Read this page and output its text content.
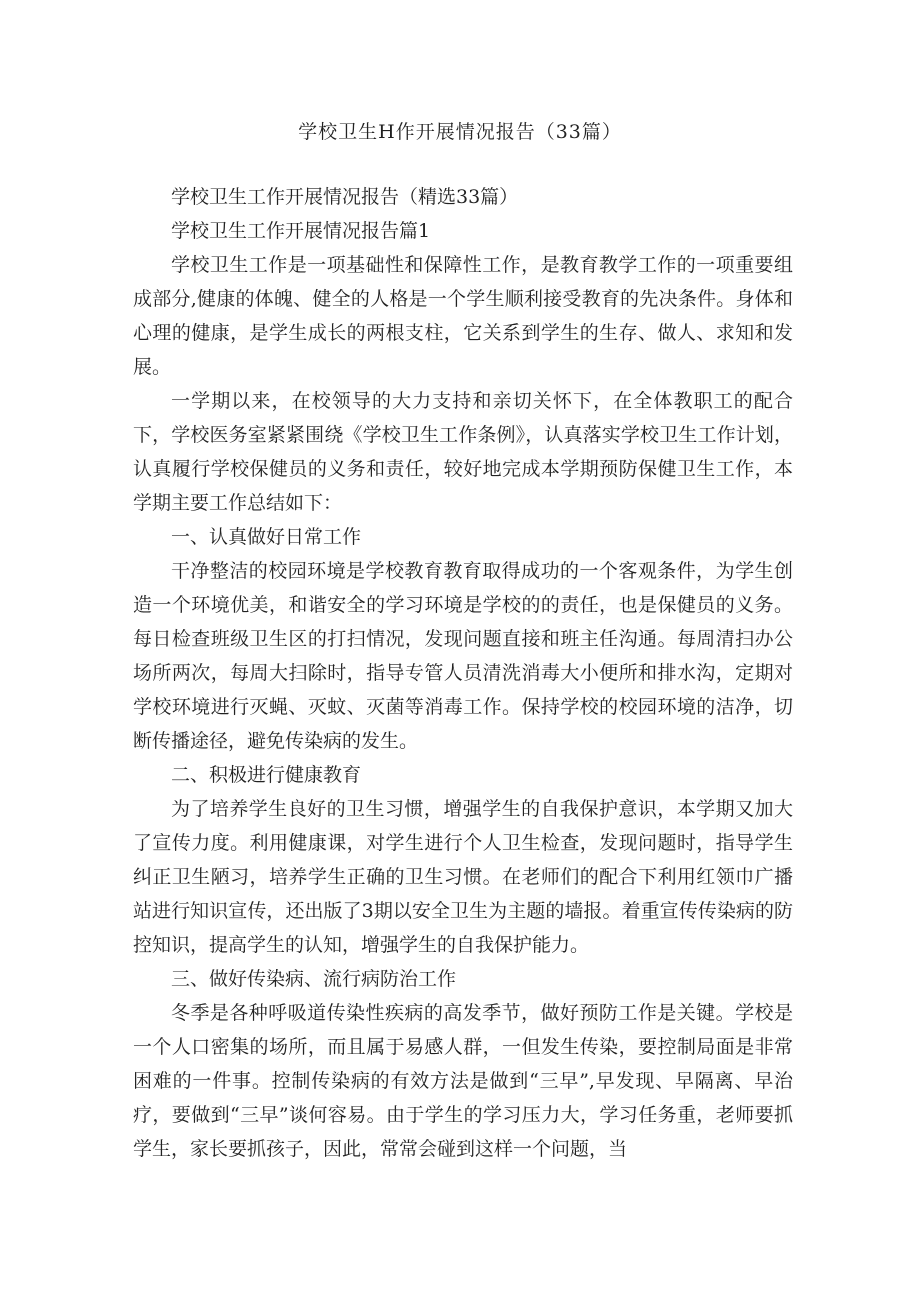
学校卫生H作开展情况报告（33篇）

学校卫生工作开展情况报告（精选33篇）

学校卫生工作开展情况报告篇1

学校卫生工作是一项基础性和保障性工作，是教育教学工作的一项重要组成部分,健康的体魄、健全的人格是一个学生顺利接受教育的先决条件。身体和心理的健康，是学生成长的两根支柱，它关系到学生的生存、做人、求知和发展。

一学期以来，在校领导的大力支持和亲切关怀下，在全体教职工的配合下，学校医务室紧紧围绕《学校卫生工作条例》，认真落实学校卫生工作计划，认真履行学校保健员的义务和责任，较好地完成本学期预防保健卫生工作，本学期主要工作总结如下：

一、认真做好日常工作

干净整洁的校园环境是学校教育教育取得成功的一个客观条件，为学生创造一个环境优美，和谐安全的学习环境是学校的的责任，也是保健员的义务。每日检查班级卫生区的打扫情况，发现问题直接和班主任沟通。每周清扫办公场所两次，每周大扫除时，指导专管人员清洗消毒大小便所和排水沟，定期对学校环境进行灭蝇、灭蚊、灭菌等消毒工作。保持学校的校园环境的洁净，切断传播途径，避免传染病的发生。

二、积极进行健康教育

为了培养学生良好的卫生习惯，增强学生的自我保护意识，本学期又加大了宣传力度。利用健康课，对学生进行个人卫生检查，发现问题时，指导学生纠正卫生陋习，培养学生正确的卫生习惯。在老师们的配合下利用红领巾广播站进行知识宣传，还出版了3期以安全卫生为主题的墙报。着重宣传传染病的防控知识，提高学生的认知，增强学生的自我保护能力。

三、做好传染病、流行病防治工作

冬季是各种呼吸道传染性疾病的高发季节，做好预防工作是关键。学校是一个人口密集的场所，而且属于易感人群，一但发生传染，要控制局面是非常困难的一件事。控制传染病的有效方法是做到“三早”,早发现、早隔离、早治疗，要做到“三早”谈何容易。由于学生的学习压力大，学习任务重，老师要抓学生，家长要抓孩子，因此，常常会碰到这样一个问题，当
